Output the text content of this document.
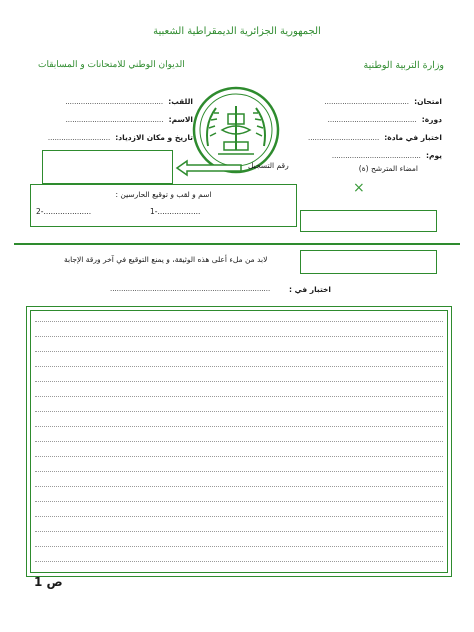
الجمهورية الجزائرية الديمقراطية الشعبية
وزارة التربية الوطنية
الديوان الوطني للامتحانات و المسابقات
اللقب: ............................................
الاسم: ............................................
تاريخ و مكان الازدياد: ............................
امتحان: ......................................
دورة: ........................................
اختبار في مادة: ................................
يوم: ........................................
رقم التسجيل	امضاء المترشح (ة)
×
اسم و لقب و توقيع الحارسين :
1-..................
2-....................
لابد من ملء أعلى هذه الوثيقة، و يمنع التوقيع في آخر ورقة الإجابة
اختبار في :
........................................................................
ص 1
